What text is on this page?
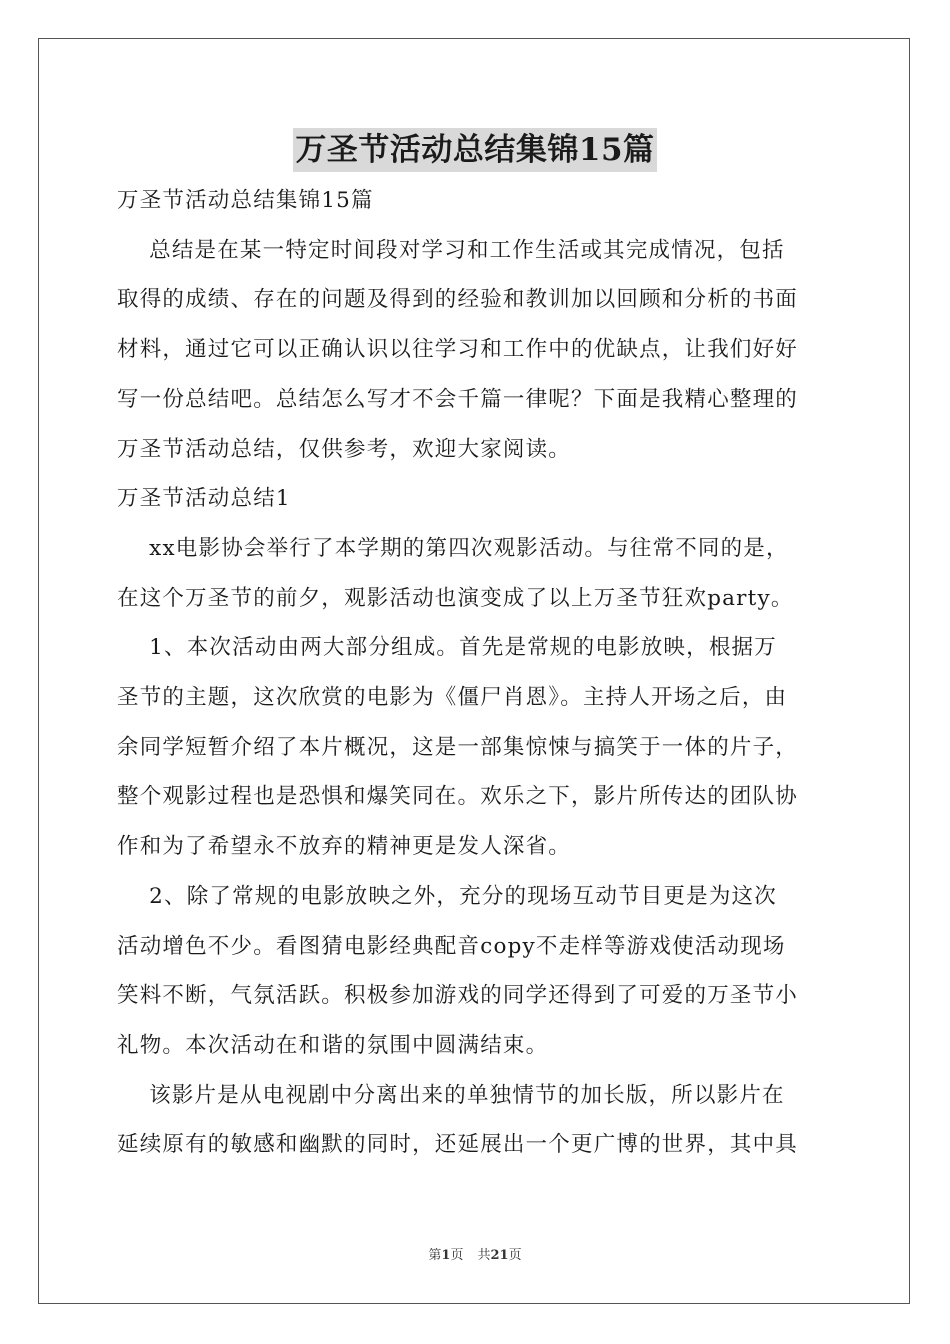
万圣节活动总结集锦15篇
万圣节活动总结集锦15篇
总结是在某一特定时间段对学习和工作生活或其完成情况，包括
取得的成绩、存在的问题及得到的经验和教训加以回顾和分析的书面
材料，通过它可以正确认识以往学习和工作中的优缺点，让我们好好
写一份总结吧。总结怎么写才不会千篇一律呢？下面是我精心整理的
万圣节活动总结，仅供参考，欢迎大家阅读。
万圣节活动总结1
xx电影协会举行了本学期的第四次观影活动。与往常不同的是，
在这个万圣节的前夕，观影活动也演变成了以上万圣节狂欢party。
1、本次活动由两大部分组成。首先是常规的电影放映，根据万
圣节的主题，这次欣赏的电影为《僵尸肖恩》。主持人开场之后，由
余同学短暂介绍了本片概况，这是一部集惊悚与搞笑于一体的片子，
整个观影过程也是恐惧和爆笑同在。欢乐之下，影片所传达的团队协
作和为了希望永不放弃的精神更是发人深省。
2、除了常规的电影放映之外，充分的现场互动节目更是为这次
活动增色不少。看图猜电影经典配音copy不走样等游戏使活动现场
笑料不断，气氛活跃。积极参加游戏的同学还得到了可爱的万圣节小
礼物。本次活动在和谐的氛围中圆满结束。
该影片是从电视剧中分离出来的单独情节的加长版，所以影片在
延续原有的敏感和幽默的同时，还延展出一个更广博的世界，其中具
第1页 共21页
